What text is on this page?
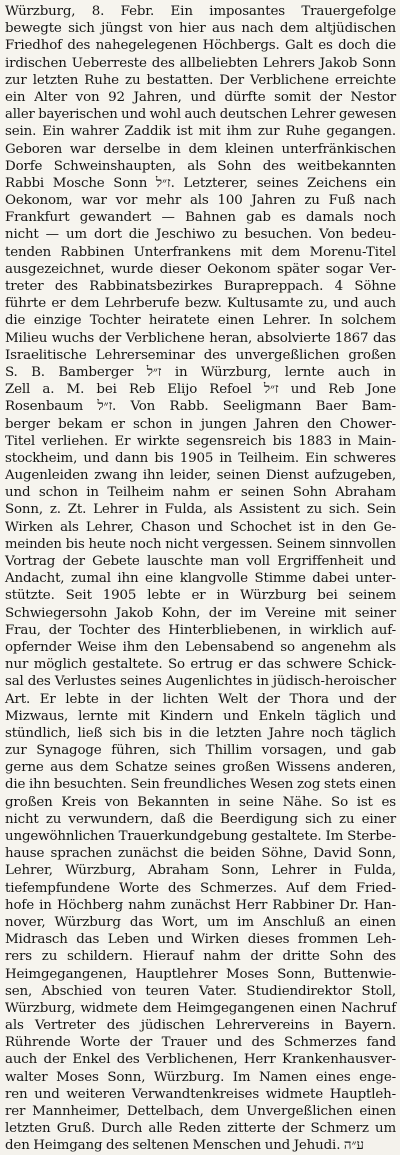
Würzburg, 8. Febr. Ein imposantes Trauergefolge
bewegte sich jüngst von hier aus nach dem altjüdischen
Friedhof des nahegelegenen Höchbergs. Galt es doch die
irdischen Ueberreste des allbeliebten Lehrers Jakob Sonn
zur letzten Ruhe zu bestatten. Der Verblichene erreichte
ein Alter von 92 Jahren, und dürfte somit der Nestor
aller bayerischen und wohl auch deutschen Lehrer gewesen
sein. Ein wahrer Zaddik ist mit ihm zur Ruhe gegangen.
Geboren war derselbe in dem kleinen unterfränkischen
Dorfe Schweinshaupten, als Sohn des weitbekannten
Rabbi Mosche Sonn ז״ל. Letzterer, seines Zeichens ein
Oekonom, war vor mehr als 100 Jahren zu Fuß nach
Frankfurt gewandert — Bahnen gab es damals noch
nicht — um dort die Jeschiwo zu besuchen. Von bedeu-
tenden Rabbinen Unterfrankens mit dem Morenu-Titel
ausgezeichnet, wurde dieser Oekonom später sogar Ver-
treter des Rabbinatsbezirkes Burapreppach. 4 Söhne
führte er dem Lehrberufe bezw. Kultusamte zu, und auch
die einzige Tochter heiratete einen Lehrer. In solchem
Milieu wuchs der Verblichene heran, absolvierte 1867 das
Israelitische Lehrerseminar des unvergeßlichen großen
S. B. Bamberger ז״ל in Würzburg, lernte auch in
Zell a. M. bei Reb Elijo Refoel ז״ל und Reb Jone
Rosenbaum ז״ל. Von Rabb. Seeligmann Baer Bam-
berger bekam er schon in jungen Jahren den Chower-
Titel verliehen. Er wirkte segensreich bis 1883 in Main-
stockheim, und dann bis 1905 in Teilheim. Ein schweres
Augenleiden zwang ihn leider, seinen Dienst aufzugeben,
und schon in Teilheim nahm er seinen Sohn Abraham
Sonn, z. Zt. Lehrer in Fulda, als Assistent zu sich. Sein
Wirken als Lehrer, Chason und Schochet ist in den Ge-
meinden bis heute noch nicht vergessen. Seinem sinnvollen
Vortrag der Gebete lauschte man voll Ergriffenheit und
Andacht, zumal ihn eine klangvolle Stimme dabei unter-
stützte. Seit 1905 lebte er in Würzburg bei seinem
Schwiegersohn Jakob Kohn, der im Vereine mit seiner
Frau, der Tochter des Hinterbliebenen, in wirklich auf-
opfernder Weise ihm den Lebensabend so angenehm als
nur möglich gestaltete. So ertrug er das schwere Schick-
sal des Verlustes seines Augenlichtes in jüdisch-heroischer
Art. Er lebte in der lichten Welt der Thora und der
Mizwaus, lernte mit Kindern und Enkeln täglich und
stündlich, ließ sich bis in die letzten Jahre noch täglich
zur Synagoge führen, sich Thillim vorsagen, und gab
gerne aus dem Schatze seines großen Wissens anderen,
die ihn besuchten. Sein freundliches Wesen zog stets einen
großen Kreis von Bekannten in seine Nähe. So ist es
nicht zu verwundern, daß die Beerdigung sich zu einer
ungewöhnlichen Trauerkundgebung gestaltete. Im Sterbe-
hause sprachen zunächst die beiden Söhne, David Sonn,
Lehrer, Würzburg, Abraham Sonn, Lehrer in Fulda,
tiefempfundene Worte des Schmerzes. Auf dem Fried-
hofe in Höchberg nahm zunächst Herr Rabbiner Dr. Han-
nover, Würzburg das Wort, um im Anschluß an einen
Midrasch das Leben und Wirken dieses frommen Leh-
rers zu schildern. Hierauf nahm der dritte Sohn des
Heimgegangenen, Hauptlehrer Moses Sonn, Buttenwie-
sen, Abschied von teuren Vater. Studiendirektor Stoll,
Würzburg, widmete dem Heimgegangenen einen Nachruf
als Vertreter des jüdischen Lehrervereins in Bayern.
Rührende Worte der Trauer und des Schmerzes fand
auch der Enkel des Verblichenen, Herr Krankenhausver-
walter Moses Sonn, Würzburg. Im Namen eines enge-
ren und weiteren Verwandtenkreises widmete Hauptleh-
rer Mannheimer, Dettelbach, dem Unvergeßlichen einen
letzten Gruß. Durch alle Reden zitterte der Schmerz um
den Heimgang des seltenen Menschen und Jehudi. ע״ה
